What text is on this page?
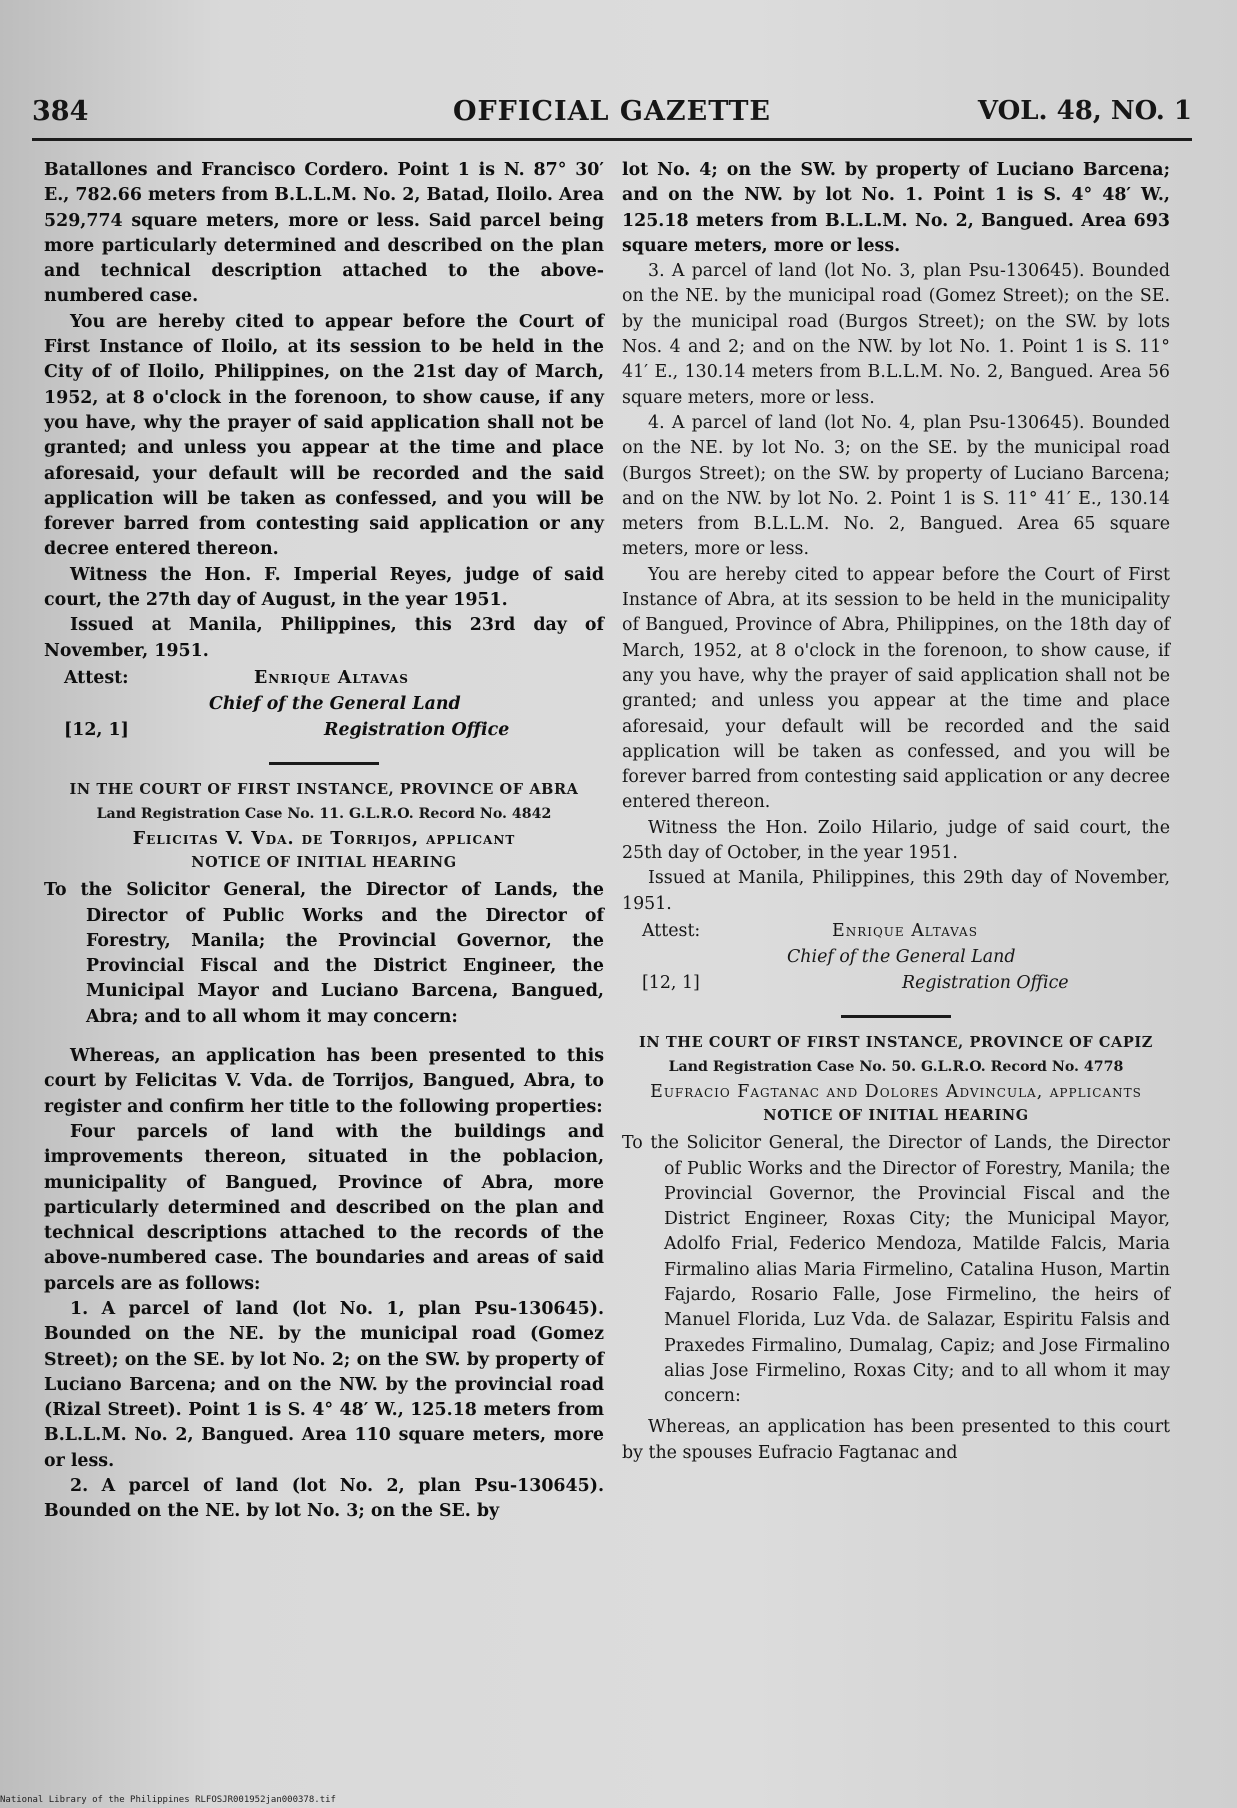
384	OFFICIAL GAZETTE	VOL. 48, NO. 1

Batallones and Francisco Cordero. Point 1 is N. 87° 30′ E., 782.66 meters from B.L.L.M. No. 2, Batad, Iloilo. Area 529,774 square meters, more or less. Said parcel being more particularly determined and described on the plan and technical description attached to the above-numbered case.

You are hereby cited to appear before the Court of First Instance of Iloilo, at its session to be held in the City of of Iloilo, Philippines, on the 21st day of March, 1952, at 8 o'clock in the forenoon, to show cause, if any you have, why the prayer of said application shall not be granted; and unless you appear at the time and place aforesaid, your default will be recorded and the said application will be taken as confessed, and you will be forever barred from contesting said application or any decree entered thereon.

Witness the Hon. F. Imperial Reyes, judge of said court, the 27th day of August, in the year 1951.

Issued at Manila, Philippines, this 23rd day of November, 1951.

Attest:	Enrique Altavas
Chief of the General Land
Registration Office
[12, 1]
IN THE COURT OF FIRST INSTANCE, PROVINCE OF ABRA
Land Registration Case No. 11. G.L.R.O. Record No. 4842

Felicitas V. Vda. de Torrijos, applicant

NOTICE OF INITIAL HEARING

To the Solicitor General, the Director of Lands, the Director of Public Works and the Director of Forestry, Manila; the Provincial Governor, the Provincial Fiscal and the District Engineer, the Municipal Mayor and Luciano Barcena, Bangued, Abra; and to all whom it may concern:

Whereas, an application has been presented to this court by Felicitas V. Vda. de Torrijos, Bangued, Abra, to register and confirm her title to the following properties:

Four parcels of land with the buildings and improvements thereon, situated in the poblacion, municipality of Bangued, Province of Abra, more particularly determined and described on the plan and technical descriptions attached to the records of the above-numbered case. The boundaries and areas of said parcels are as follows:

1. A parcel of land (lot No. 1, plan Psu-130645). Bounded on the NE. by the municipal road (Gomez Street); on the SE. by lot No. 2; on the SW. by property of Luciano Barcena; and on the NW. by the provincial road (Rizal Street). Point 1 is S. 4° 48′ W., 125.18 meters from B.L.L.M. No. 2, Bangued. Area 110 square meters, more or less.

2. A parcel of land (lot No. 2, plan Psu-130645). Bounded on the NE. by lot No. 3; on the SE. by

lot No. 4; on the SW. by property of Luciano Barcena; and on the NW. by lot No. 1. Point 1 is S. 4° 48′ W., 125.18 meters from B.L.L.M. No. 2, Bangued. Area 693 square meters, more or less.

3. A parcel of land (lot No. 3, plan Psu-130645). Bounded on the NE. by the municipal road (Gomez Street); on the SE. by the municipal road (Burgos Street); on the SW. by lots Nos. 4 and 2; and on the NW. by lot No. 1. Point 1 is S. 11° 41′ E., 130.14 meters from B.L.L.M. No. 2, Bangued. Area 56 square meters, more or less.

4. A parcel of land (lot No. 4, plan Psu-130645). Bounded on the NE. by lot No. 3; on the SE. by the municipal road (Burgos Street); on the SW. by property of Luciano Barcena; and on the NW. by lot No. 2. Point 1 is S. 11° 41′ E., 130.14 meters from B.L.L.M. No. 2, Bangued. Area 65 square meters, more or less.

You are hereby cited to appear before the Court of First Instance of Abra, at its session to be held in the municipality of Bangued, Province of Abra, Philippines, on the 18th day of March, 1952, at 8 o'clock in the forenoon, to show cause, if any you have, why the prayer of said application shall not be granted; and unless you appear at the time and place aforesaid, your default will be recorded and the said application will be taken as confessed, and you will be forever barred from contesting said application or any decree entered thereon.

Witness the Hon. Zoilo Hilario, judge of said court, the 25th day of October, in the year 1951.

Issued at Manila, Philippines, this 29th day of November, 1951.

Attest:	Enrique Altavas
Chief of the General Land
Registration Office
[12, 1]
IN THE COURT OF FIRST INSTANCE, PROVINCE OF CAPIZ
Land Registration Case No. 50. G.L.R.O. Record No. 4778

Eufracio Fagtanac and Dolores Advincula, applicants

NOTICE OF INITIAL HEARING

To the Solicitor General, the Director of Lands, the Director of Public Works and the Director of Forestry, Manila; the Provincial Governor, the Provincial Fiscal and the District Engineer, Roxas City; the Municipal Mayor, Adolfo Frial, Federico Mendoza, Matilde Falcis, Maria Firmalino alias Maria Firmelino, Catalina Huson, Martin Fajardo, Rosario Falle, Jose Firmelino, the heirs of Manuel Florida, Luz Vda. de Salazar, Espiritu Falsis and Praxedes Firmalino, Dumalag, Capiz; and Jose Firmalino alias Jose Firmelino, Roxas City; and to all whom it may concern:

Whereas, an application has been presented to this court by the spouses Eufracio Fagtanac and

National Library of the Philippines RLFOSJR001952jan000378.tif
